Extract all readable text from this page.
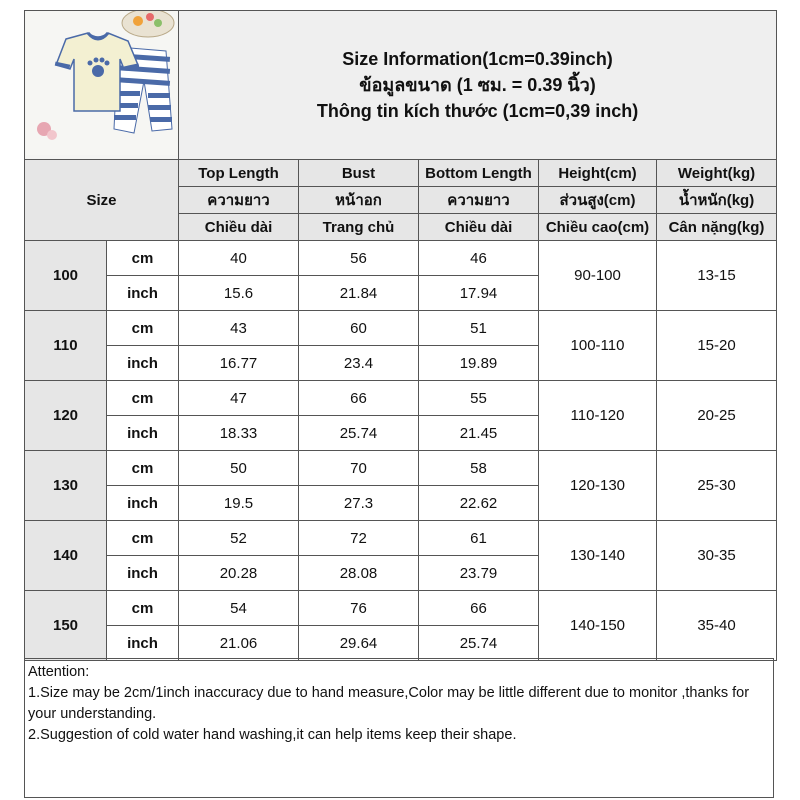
Size Information(1cm=0.39inch)
ข้อมูลขนาด (1 ซม. = 0.39 นิ้ว)
Thông tin kích thước (1cm=0,39 inch)				

Size		Top Length	Bust	Bottom Length	Height(cm)	Weight(kg)
		ความยาว	หน้าอก	ความยาว	ส่วนสูง(cm)	น้ำหนัก(kg)
		Chiều dài	Trang chủ	Chiều dài	Chiều cao(cm)	Cân nặng(kg)
100	cm	40	56	46	90-100	13-15
	inch	15.6	21.84	17.94		
110	cm	43	60	51	100-110	15-20
	inch	16.77	23.4	19.89		
120	cm	47	66	55	110-120	20-25
	inch	18.33	25.74	21.45		
130	cm	50	70	58	120-130	25-30
	inch	19.5	27.3	22.62		
140	cm	52	72	61	130-140	30-35
	inch	20.28	28.08	23.79		
150	cm	54	76	66	140-150	35-40
	inch	21.06	29.64	25.74		
Attention:
1.Size may be 2cm/1inch inaccuracy due to hand measure,Color may be little different due to monitor ,thanks for your understanding.
2.Suggestion of cold water hand washing,it can help items keep their shape.
